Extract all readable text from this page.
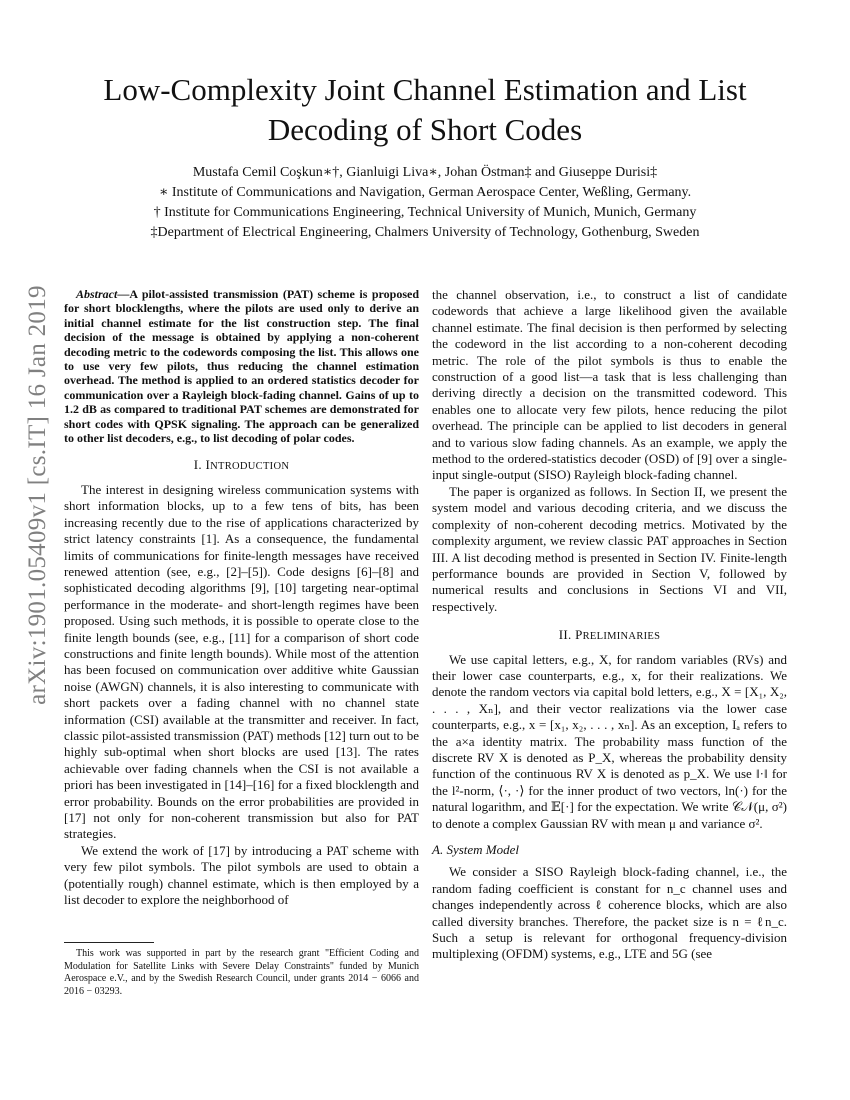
Low-Complexity Joint Channel Estimation and List
Decoding of Short Codes
Mustafa Cemil Coşkun∗†, Gianluigi Liva∗, Johan Östman‡ and Giuseppe Durisi‡
∗ Institute of Communications and Navigation, German Aerospace Center, Weßling, Germany.
† Institute for Communications Engineering, Technical University of Munich, Munich, Germany
‡Department of Electrical Engineering, Chalmers University of Technology, Gothenburg, Sweden
arXiv:1901.05409v1 [cs.IT] 16 Jan 2019	Abstract—A pilot-assisted transmission (PAT) scheme is proposed for short blocklengths, where the pilots are used only to derive an initial channel estimate for the list construction step. The final decision of the message is obtained by applying a non-coherent decoding metric to the codewords composing the list. This allows one to use very few pilots, thus reducing the channel estimation overhead. The method is applied to an ordered statistics decoder for communication over a Rayleigh block-fading channel. Gains of up to 1.2 dB as compared to traditional PAT schemes are demonstrated for short codes with QPSK signaling. The approach can be generalized to other list decoders, e.g., to list decoding of polar codes.

I. INTRODUCTION

The interest in designing wireless communication systems with short information blocks, up to a few tens of bits, has been increasing recently due to the rise of applications characterized by strict latency constraints [1]. As a consequence, the fundamental limits of communications for finite-length messages have received renewed attention (see, e.g., [2]–[5]). Code designs [6]–[8] and sophisticated decoding algorithms [9], [10] targeting near-optimal performance in the moderate- and short-length regimes have been proposed. Using such methods, it is possible to operate close to the finite length bounds (see, e.g., [11] for a comparison of short code constructions and finite length bounds). While most of the attention has been focused on communication over additive white Gaussian noise (AWGN) channels, it is also interesting to communicate with short packets over a fading channel with no channel state information (CSI) available at the transmitter and receiver. In fact, classic pilot-assisted transmission (PAT) methods [12] turn out to be highly sub-optimal when short blocks are used [13]. The rates achievable over fading channels when the CSI is not available a priori has been investigated in [14]–[16] for a fixed blocklength and error probability. Bounds on the error probabilities are provided in [17] not only for non-coherent transmission but also for PAT strategies.

We extend the work of [17] by introducing a PAT scheme with very few pilot symbols. The pilot symbols are used to obtain a (potentially rough) channel estimate, which is then employed by a list decoder to explore the neighborhood of

This work was supported in part by the research grant "Efficient Coding and Modulation for Satellite Links with Severe Delay Constraints" funded by Munich Aerospace e.V., and by the Swedish Research Council, under grants 2014 − 6066 and 2016 − 03293.

the channel observation, i.e., to construct a list of candidate codewords that achieve a large likelihood given the available channel estimate. The final decision is then performed by selecting the codeword in the list according to a non-coherent decoding metric. The role of the pilot symbols is thus to enable the construction of a good list—a task that is less challenging than deriving directly a decision on the transmitted codeword. This enables one to allocate very few pilots, hence reducing the pilot overhead. The principle can be applied to list decoders in general and to various slow fading channels. As an example, we apply the method to the ordered-statistics decoder (OSD) of [9] over a single-input single-output (SISO) Rayleigh block-fading channel.

The paper is organized as follows. In Section II, we present the system model and various decoding criteria, and we discuss the complexity of non-coherent decoding metrics. Motivated by the complexity argument, we review classic PAT approaches in Section III. A list decoding method is presented in Section IV. Finite-length performance bounds are provided in Section V, followed by numerical results and conclusions in Sections VI and VII, respectively.

II. PRELIMINARIES

We use capital letters, e.g., X, for random variables (RVs) and their lower case counterparts, e.g., x, for their realizations. We denote the random vectors via capital bold letters, e.g., X = [X₁, X₂, . . . , Xₙ], and their vector realizations via the lower case counterparts, e.g., x = [x₁, x₂, . . . , xₙ]. As an exception, Iₐ refers to the a×a identity matrix. The probability mass function of the discrete RV X is denoted as P_X, whereas the probability density function of the continuous RV X is denoted as p_X. We use ‖·‖ for the l²-norm, ⟨·, ·⟩ for the inner product of two vectors, ln(·) for the natural logarithm, and 𝔼[·] for the expectation. We write 𝒞𝒩(μ, σ²) to denote a complex Gaussian RV with mean μ and variance σ².

A. System Model

We consider a SISO Rayleigh block-fading channel, i.e., the random fading coefficient is constant for n_c channel uses and changes independently across ℓ coherence blocks, which are also called diversity branches. Therefore, the packet size is n = ℓn_c. Such a setup is relevant for orthogonal frequency-division multiplexing (OFDM) systems, e.g., LTE and 5G (see
